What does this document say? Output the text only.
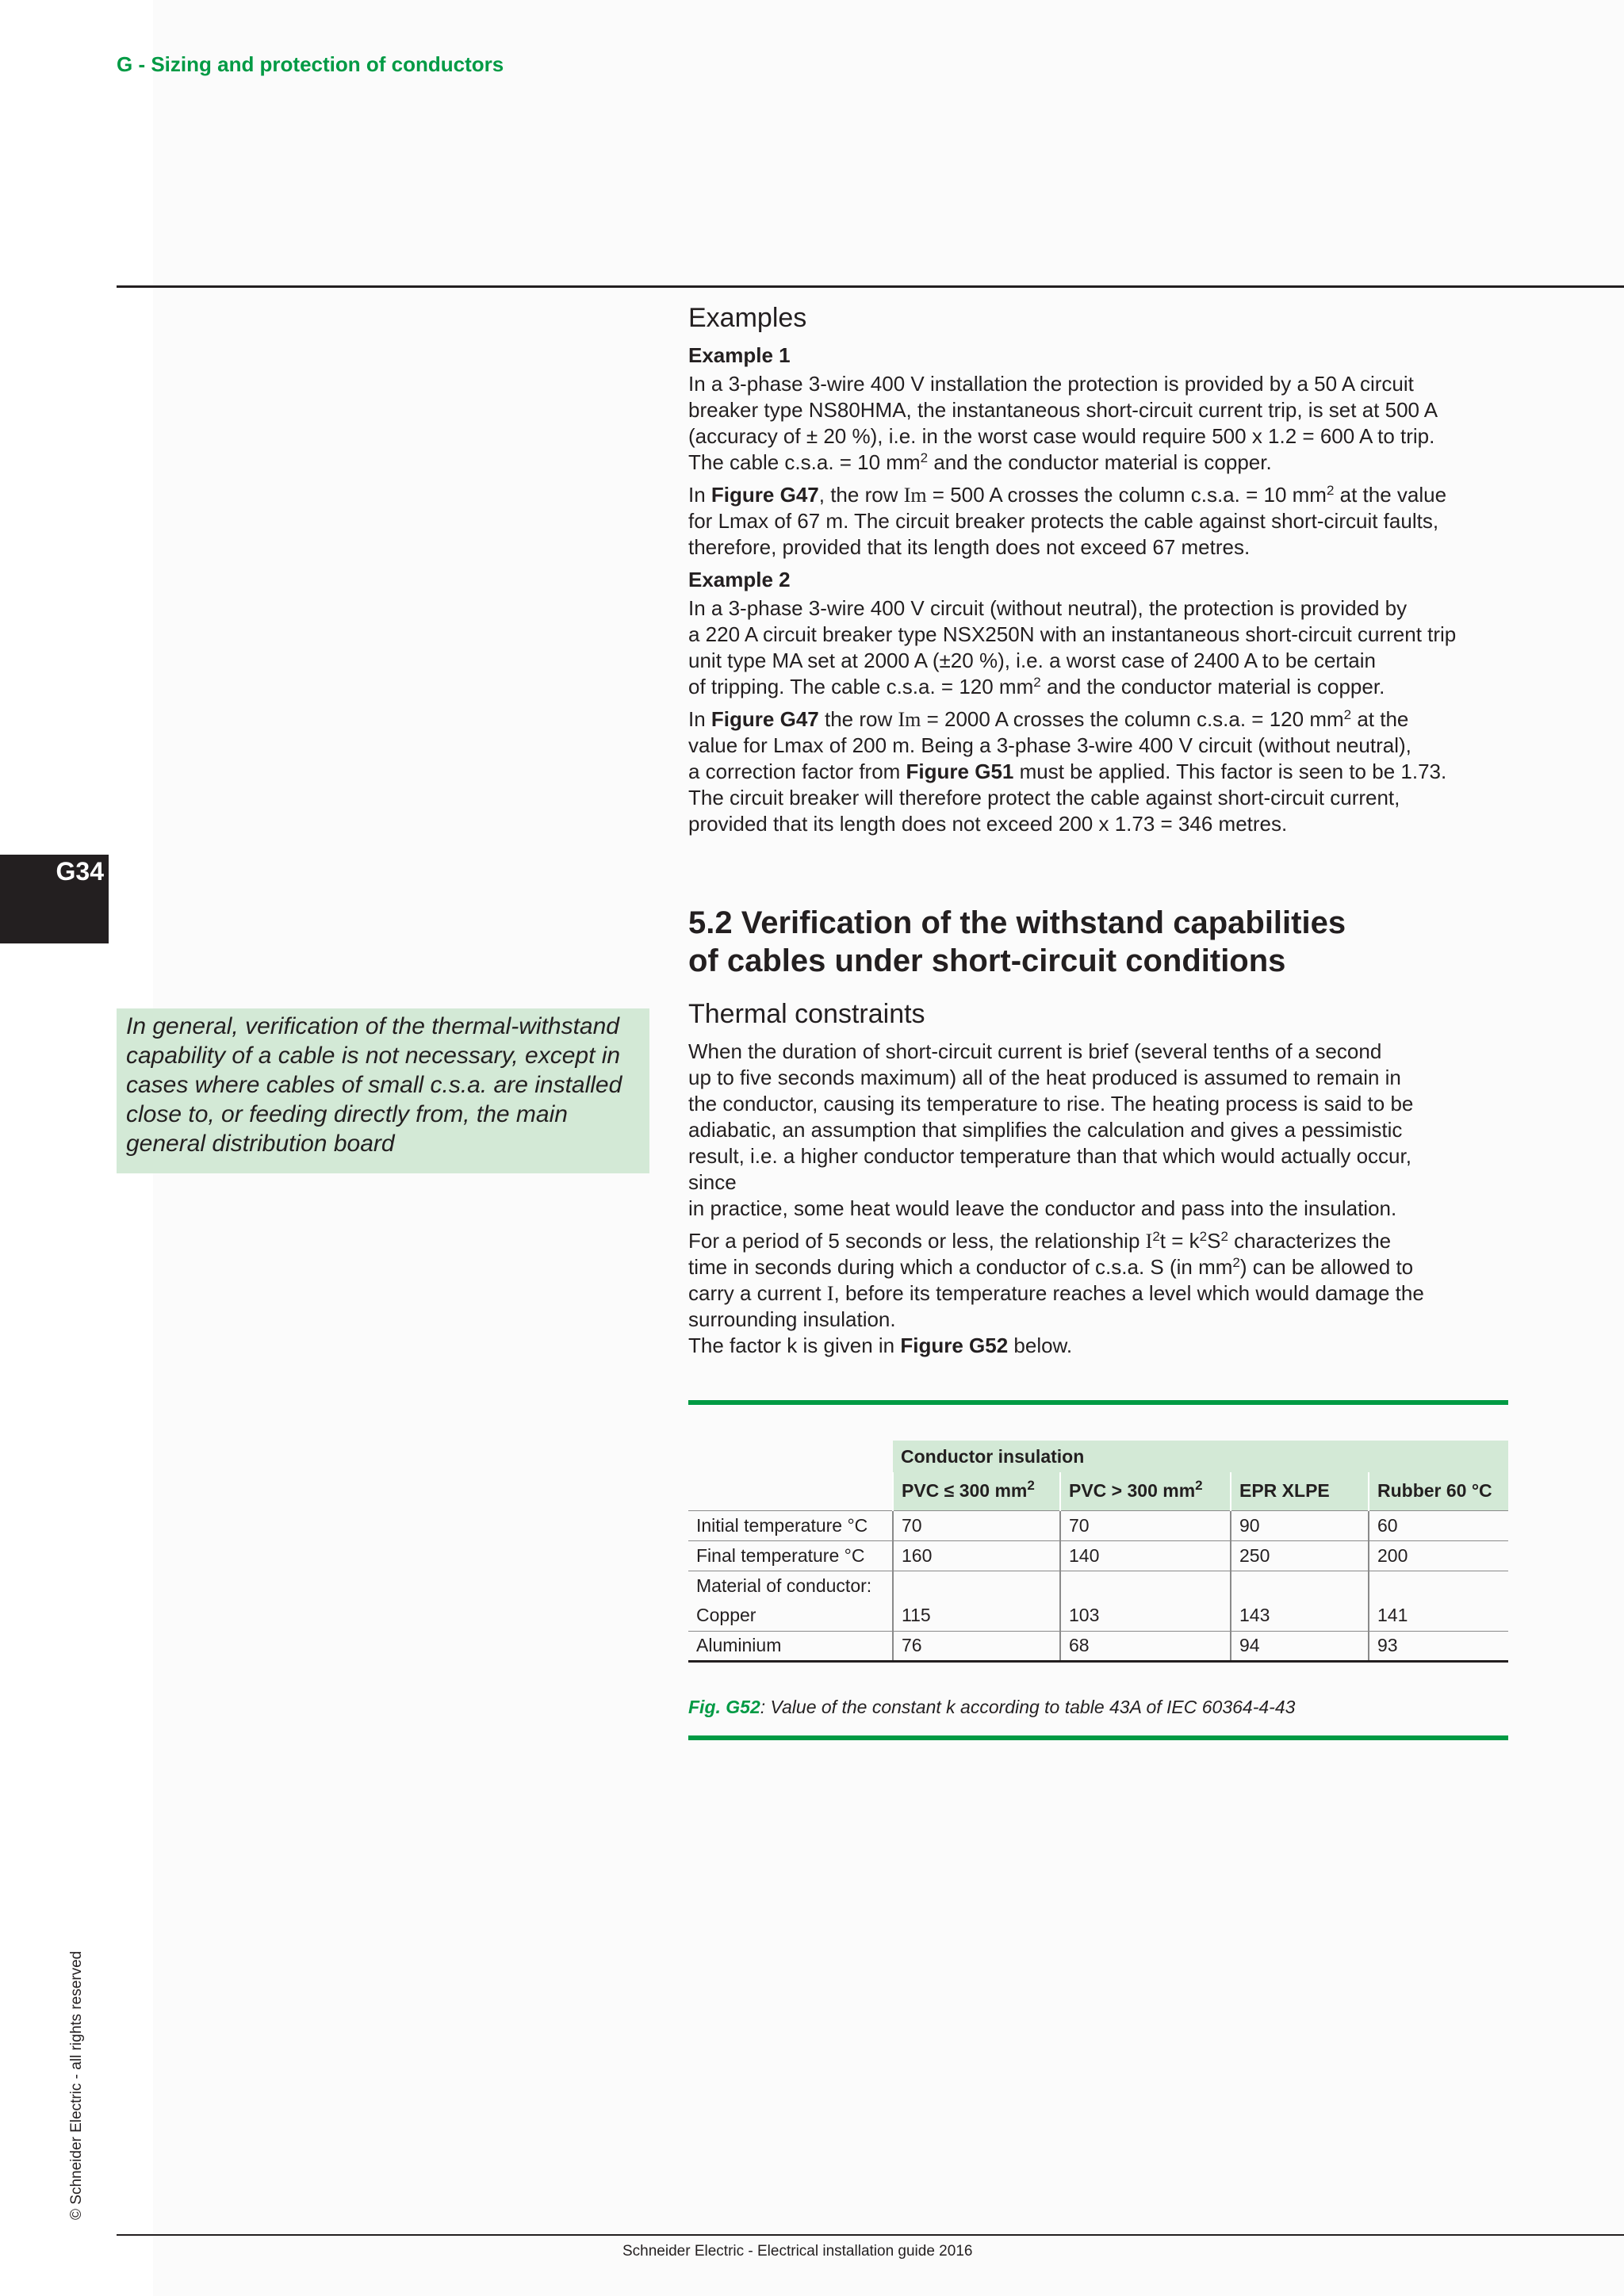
G - Sizing and protection of conductors
G34
© Schneider Electric - all rights reserved
Examples
Example 1

In a 3-phase 3-wire 400 V installation the protection is provided by a 50 A circuit
breaker type NS80HMA, the instantaneous short-circuit current trip, is set at 500 A
(accuracy of ± 20 %), i.e. in the worst case would require 500 x 1.2 = 600 A to trip.
The cable c.s.a. = 10 $mm^2$ and the conductor material is copper.

In Figure G47, the row Im = 500 A crosses the column c.s.a. = 10 $mm^2$ at the value
for Lmax of 67 m. The circuit breaker protects the cable against short-circuit faults,
therefore, provided that its length does not exceed 67 metres.

Example 2

In a 3-phase 3-wire 400 V circuit (without neutral), the protection is provided by
a 220 A circuit breaker type NSX250N with an instantaneous short-circuit current trip
unit type MA set at 2000 A (±20 %), i.e. a worst case of 2400 A to be certain
of tripping. The cable c.s.a. = 120 $mm^2$ and the conductor material is copper.

In Figure G47 the row Im = 2000 A crosses the column c.s.a. = 120 $mm^2$ at the
value for Lmax of 200 m. Being a 3-phase 3-wire 400 V circuit (without neutral),
a correction factor from Figure G51 must be applied. This factor is seen to be 1.73.
The circuit breaker will therefore protect the cable against short-circuit current,
provided that its length does not exceed 200 x 1.73 = 346 metres.

5.2 Verification of the withstand capabilities
of cables under short-circuit conditions
In general, verification of the thermal-withstand
capability of a cable is not necessary, except in
cases where cables of small c.s.a. are installed
close to, or feeding directly from, the main
general distribution board
Thermal constraints

When the duration of short-circuit current is brief (several tenths of a second
up to five seconds maximum) all of the heat produced is assumed to remain in
the conductor, causing its temperature to rise. The heating process is said to be
adiabatic, an assumption that simplifies the calculation and gives a pessimistic
result, i.e. a higher conductor temperature than that which would actually occur,
since
in practice, some heat would leave the conductor and pass into the insulation.

For a period of 5 seconds or less, the relationship $I^2t = k^2S^2$ characterizes the
time in seconds during which a conductor of c.s.a. S (in $mm^2$) can be allowed to
carry a current I, before its temperature reaches a level which would damage the
surrounding insulation.
The factor k is given in Figure G52 below.

	Conductor insulation			
	PVC ≤ 300 $mm^2$	PVC > 300 $mm^2$	EPR XLPE	Rubber 60 °C
Initial temperature °C	70	70	90	60
Final temperature °C	160	140	250	200
Material of conductor:				
Copper	115	103	143	141
Aluminium	76	68	94	93
Fig. G52: Value of the constant k according to table 43A of IEC 60364-4-43
Schneider Electric - Electrical installation guide 2016
